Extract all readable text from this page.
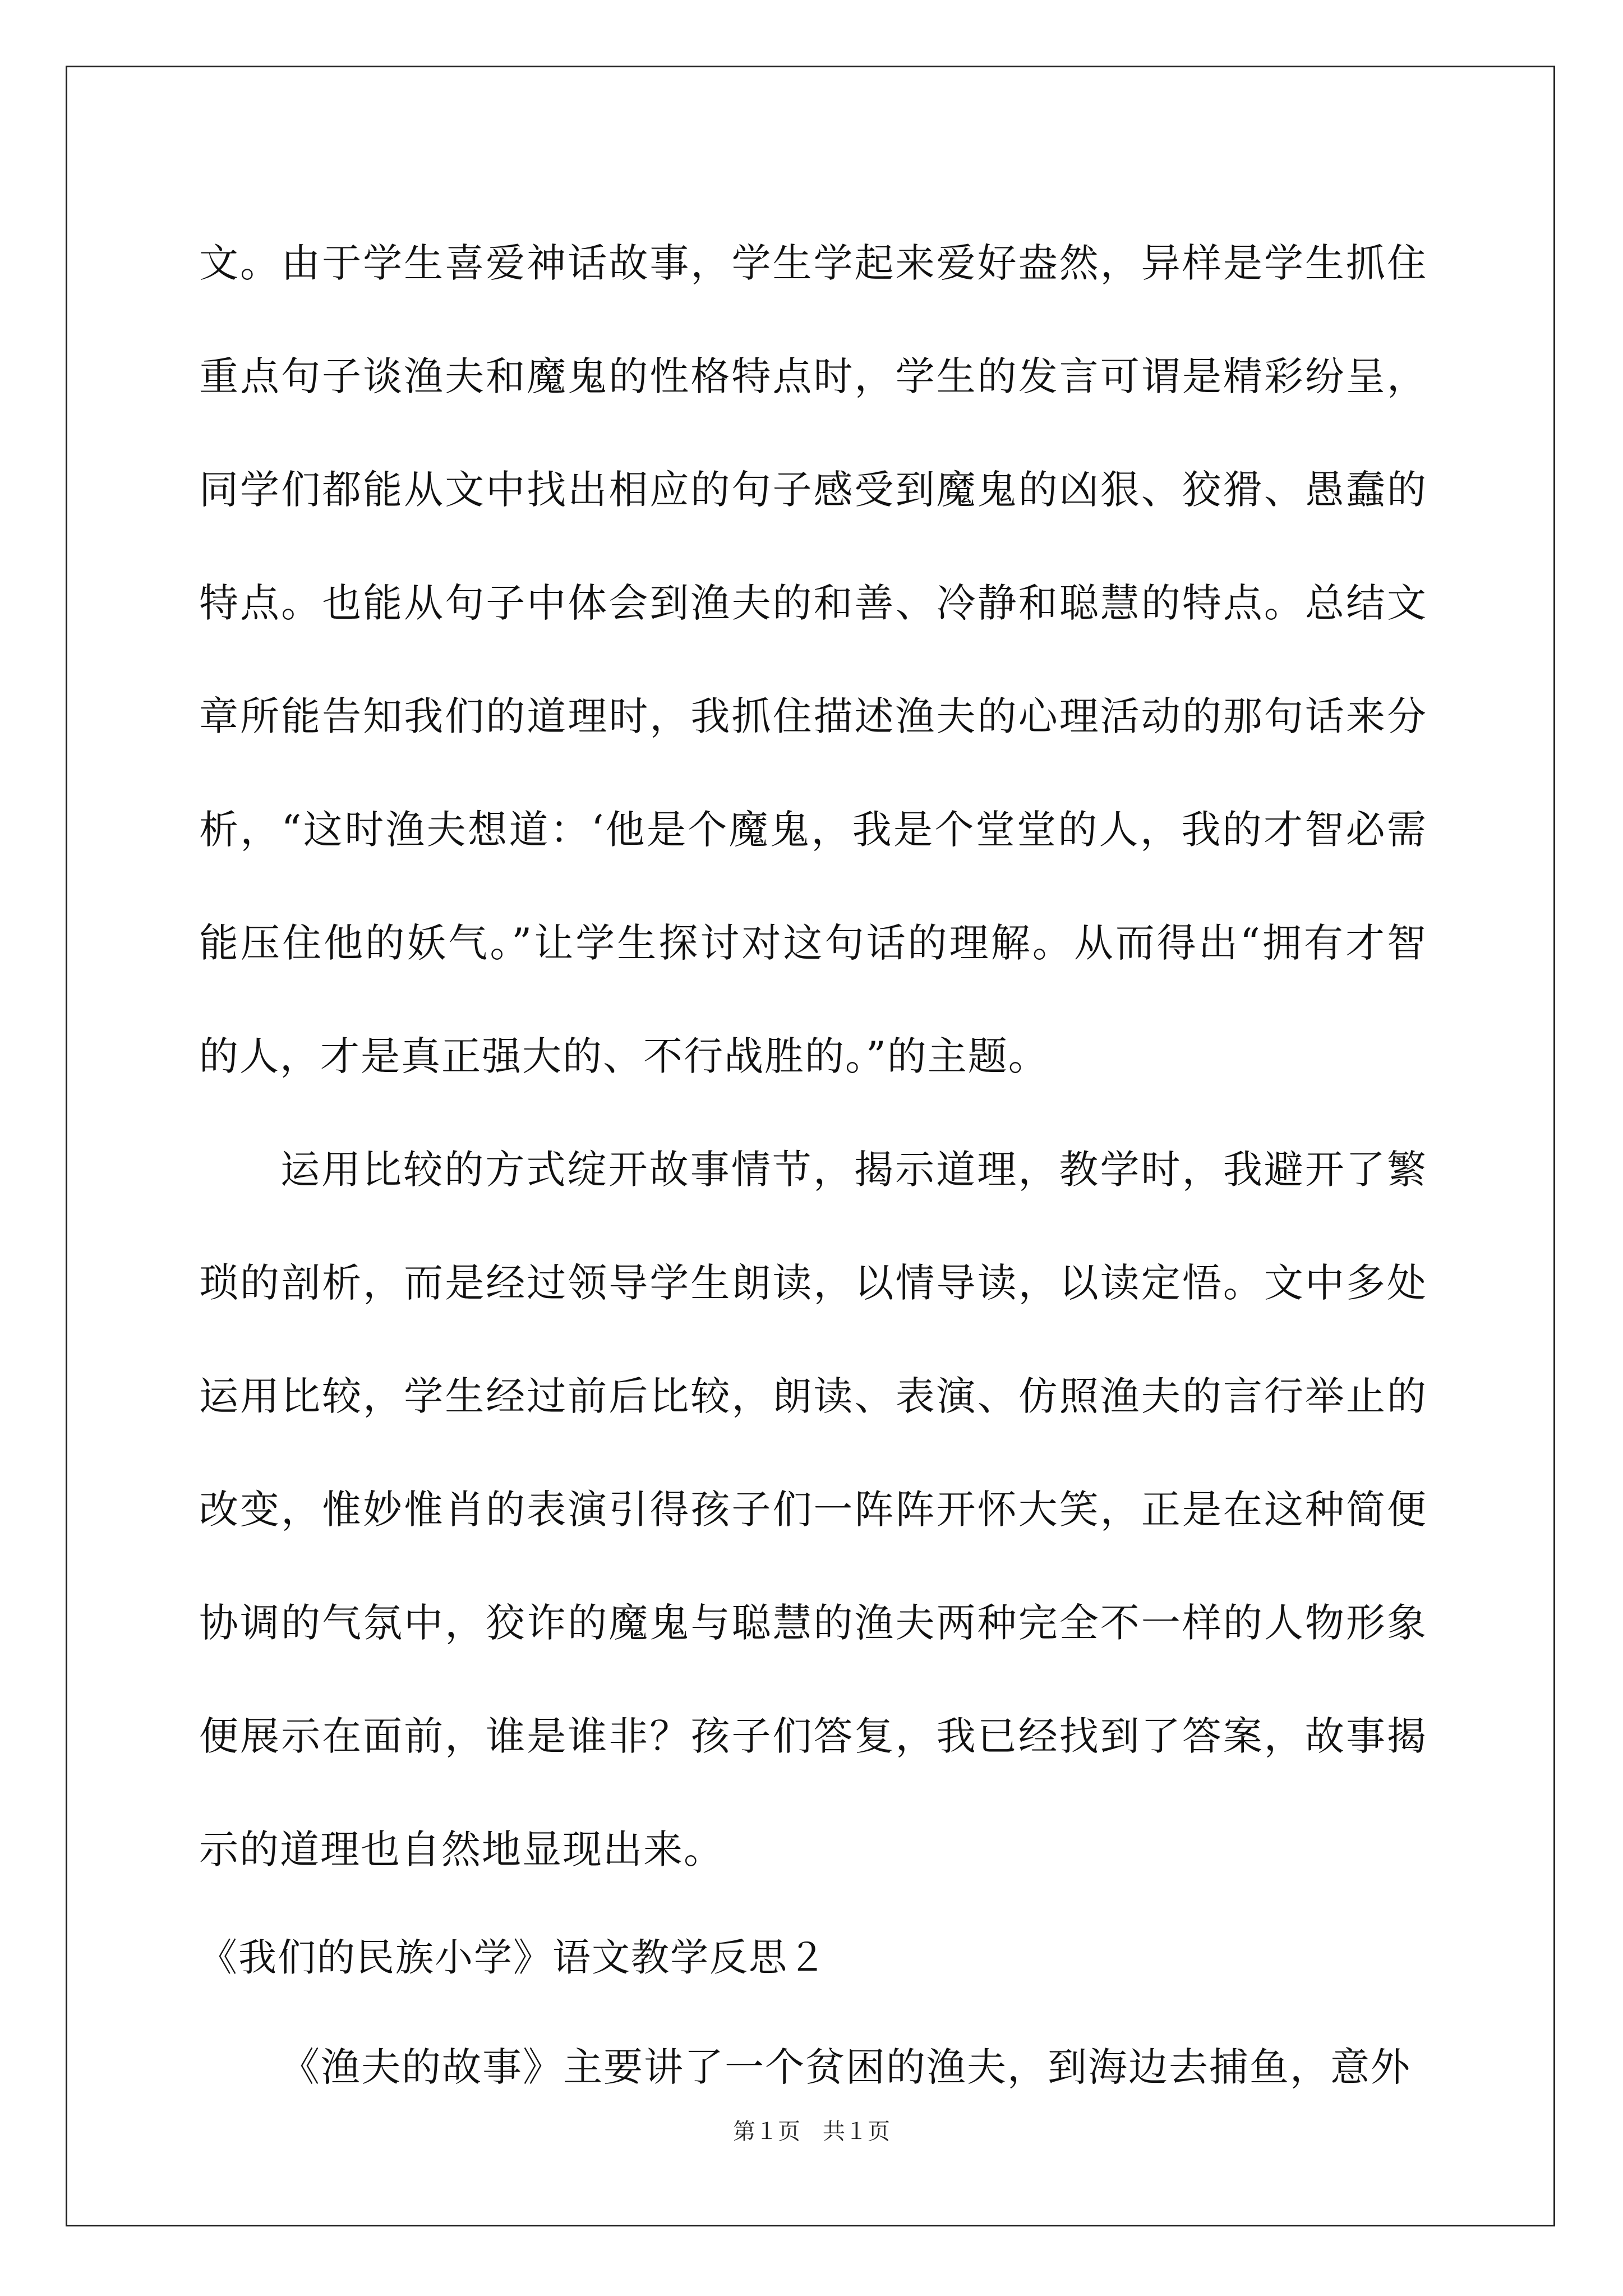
文。由于学生喜爱神话故事，学生学起来爱好盎然，异样是学生抓住重点句子谈渔夫和魔鬼的性格特点时，学生的发言可谓是精彩纷呈，同学们都能从文中找出相应的句子感受到魔鬼的凶狠、狡猾、愚蠢的特点。也能从句子中体会到渔夫的和善、冷静和聪慧的特点。总结文章所能告知我们的道理时，我抓住描述渔夫的心理活动的那句话来分析，“这时渔夫想道：‘他是个魔鬼，我是个堂堂的人，我的才智必需能压住他的妖气。”让学生探讨对这句话的理解。从而得出“拥有才智的人，才是真正强大的、不行战胜的。”的主题。

运用比较的方式绽开故事情节，揭示道理，教学时，我避开了繁琐的剖析，而是经过领导学生朗读，以情导读，以读定悟。文中多处运用比较，学生经过前后比较，朗读、表演、仿照渔夫的言行举止的改变，惟妙惟肖的表演引得孩子们一阵阵开怀大笑，正是在这种简便协调的气氛中，狡诈的魔鬼与聪慧的渔夫两种完全不一样的人物形象便展示在面前，谁是谁非？孩子们答复，我已经找到了答案，故事揭示的道理也自然地显现出来。

《我们的民族小学》语文教学反思２

《渔夫的故事》主要讲了一个贫困的渔夫，到海边去捕鱼，意外

第１页　共１页
